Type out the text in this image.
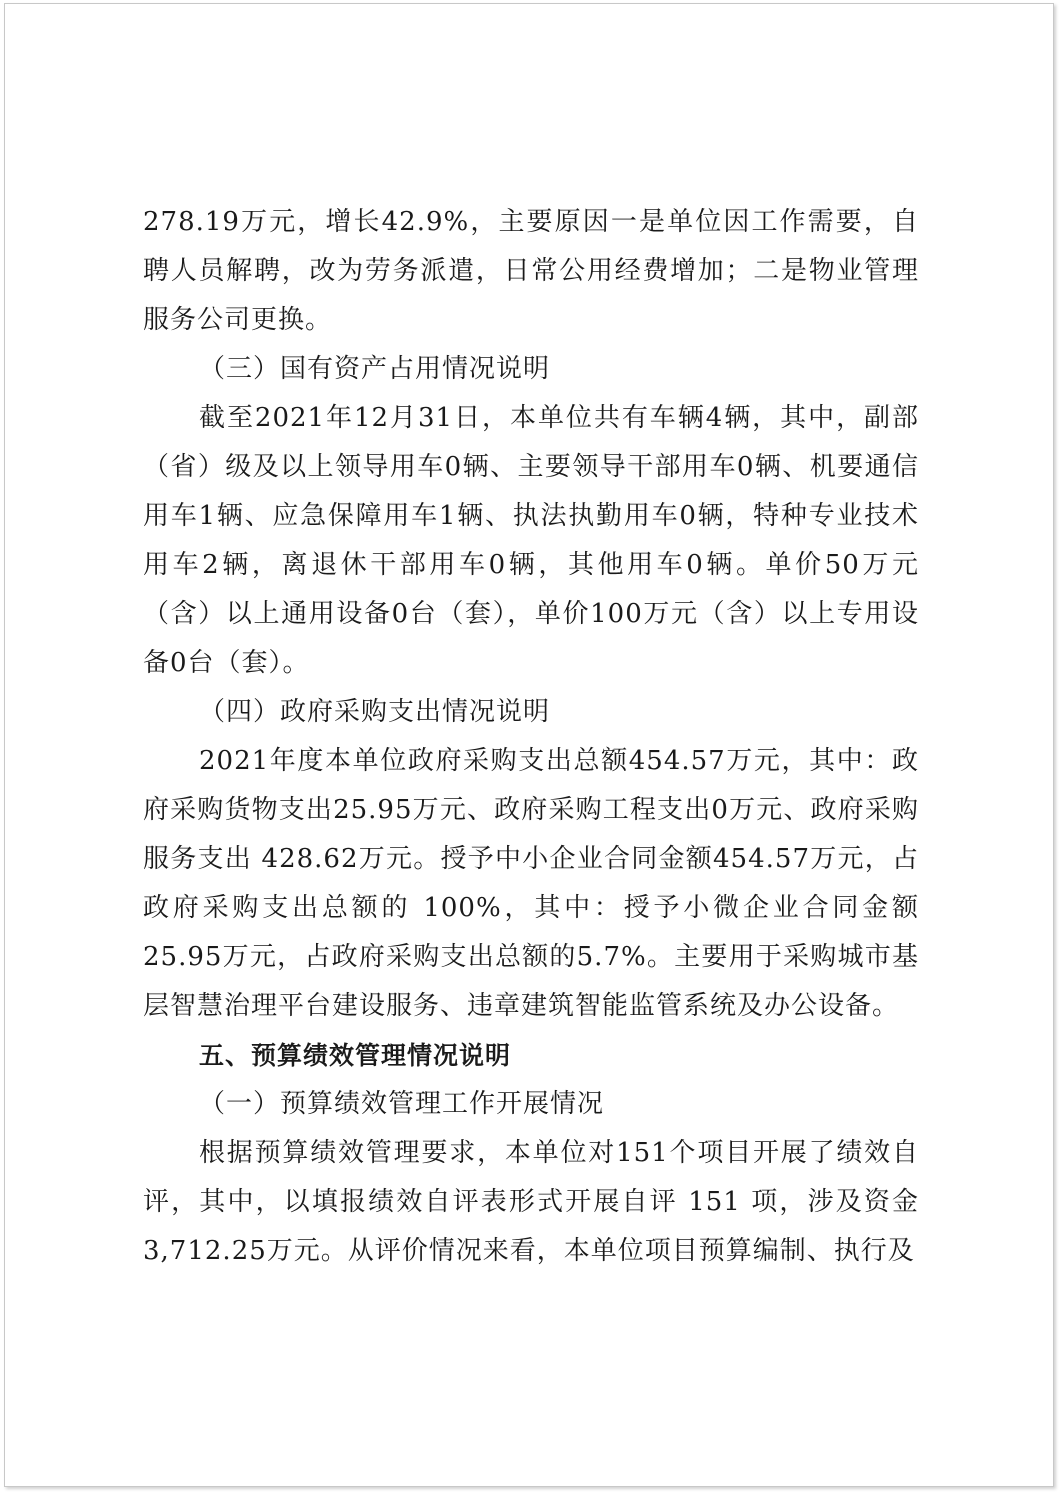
278.19万元，增长42.9%，主要原因一是单位因工作需要，自聘人员解聘，改为劳务派遣，日常公用经费增加；二是物业管理服务公司更换。

（三）国有资产占用情况说明

截至2021年12月31日，本单位共有车辆4辆，其中，副部（省）级及以上领导用车0辆、主要领导干部用车0辆、机要通信用车1辆、应急保障用车1辆、执法执勤用车0辆，特种专业技术用车2辆，离退休干部用车0辆，其他用车0辆。单价50万元（含）以上通用设备0台（套），单价100万元（含）以上专用设备0台（套）。

（四）政府采购支出情况说明

2021年度本单位政府采购支出总额454.57万元，其中：政府采购货物支出25.95万元、政府采购工程支出0万元、政府采购服务支出 428.62万元。授予中小企业合同金额454.57万元，占政府采购支出总额的 100%，其中：授予小微企业合同金额25.95万元，占政府采购支出总额的5.7%。主要用于采购城市基层智慧治理平台建设服务、违章建筑智能监管系统及办公设备。

五、预算绩效管理情况说明

（一）预算绩效管理工作开展情况

根据预算绩效管理要求，本单位对151个项目开展了绩效自评，其中，以填报绩效自评表形式开展自评 151 项，涉及资金3,712.25万元。从评价情况来看，本单位项目预算编制、执行及
